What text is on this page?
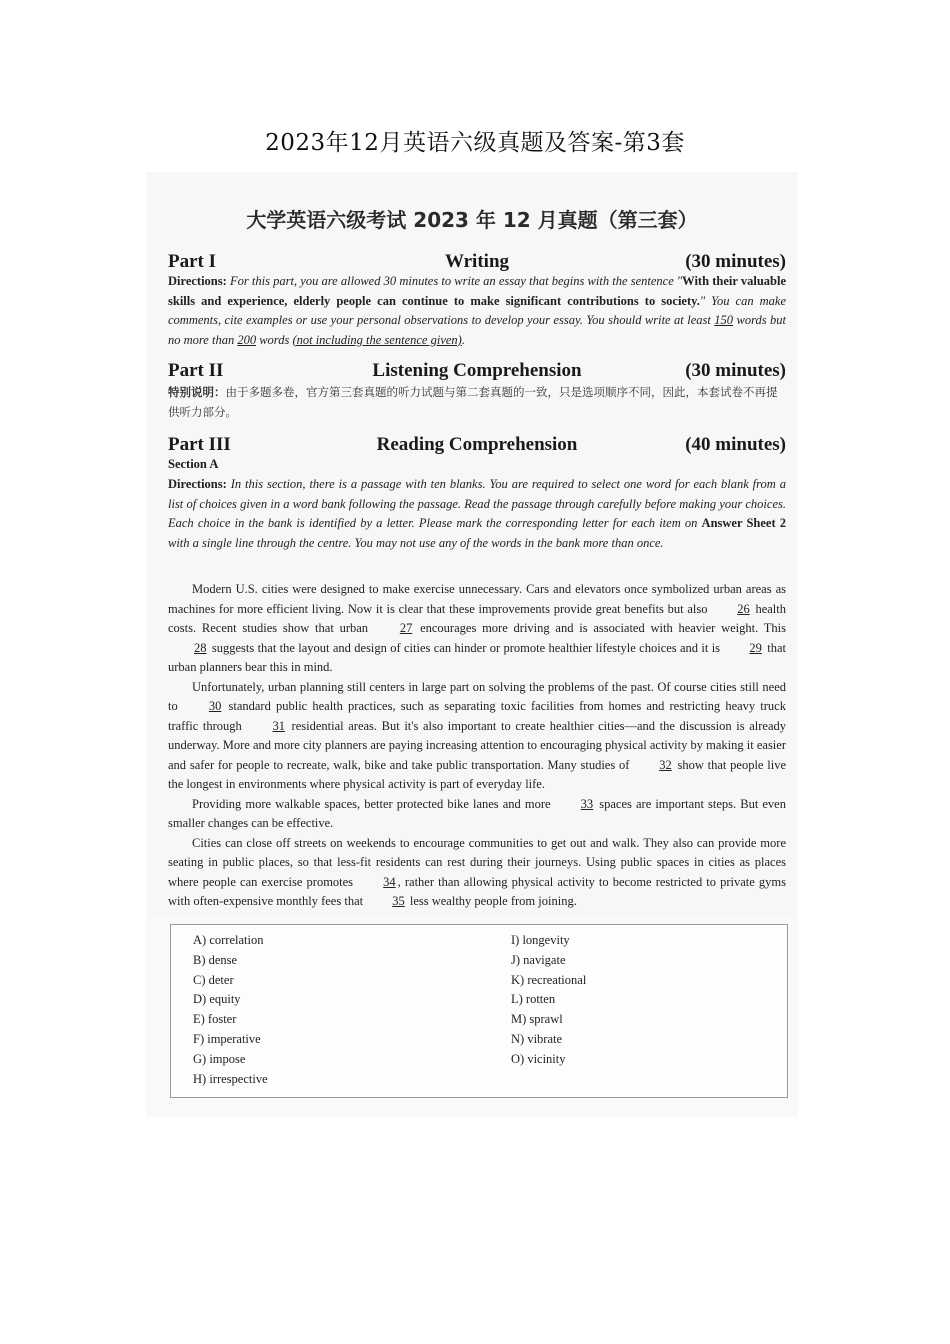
2023年12月英语六级真题及答案-第3套
大学英语六级考试 2023 年 12 月真题（第三套）
Part I	Writing	(30 minutes)
Directions: For this part, you are allowed 30 minutes to write an essay that begins with the sentence "With their valuable skills and experience, elderly people can continue to make significant contributions to society." You can make comments, cite examples or use your personal observations to develop your essay. You should write at least 150 words but no more than 200 words (not including the sentence given).
Part II	Listening Comprehension	(30 minutes)
特别说明：由于多题多卷，官方第三套真题的听力试题与第二套真题的一致，只是选项顺序不同，因此，本套试卷不再提供听力部分。
Part III	Reading Comprehension	(40 minutes)
Section A
Directions: In this section, there is a passage with ten blanks. You are required to select one word for each blank from a list of choices given in a word bank following the passage. Read the passage through carefully before making your choices. Each choice in the bank is identified by a letter. Please mark the corresponding letter for each item on Answer Sheet 2 with a single line through the centre. You may not use any of the words in the bank more than once.

Modern U.S. cities were designed to make exercise unnecessary. Cars and elevators once symbolized urban areas as machines for more efficient living. Now it is clear that these improvements provide great benefits but also 26 health costs. Recent studies show that urban 27 encourages more driving and is associated with heavier weight. This 28 suggests that the layout and design of cities can hinder or promote healthier lifestyle choices and it is 29 that urban planners bear this in mind.

Unfortunately, urban planning still centers in large part on solving the problems of the past. Of course cities still need to 30 standard public health practices, such as separating toxic facilities from homes and restricting heavy truck traffic through 31 residential areas. But it's also important to create healthier cities—and the discussion is already underway. More and more city planners are paying increasing attention to encouraging physical activity by making it easier and safer for people to recreate, walk, bike and take public transportation. Many studies of 32 show that people live the longest in environments where physical activity is part of everyday life.

Providing more walkable spaces, better protected bike lanes and more 33 spaces are important steps. But even smaller changes can be effective.

Cities can close off streets on weekends to encourage communities to get out and walk. They also can provide more seating in public places, so that less-fit residents can rest during their journeys. Using public spaces in cities as places where people can exercise promotes 34 , rather than allowing physical activity to become restricted to private gyms with often-expensive monthly fees that 35 less wealthy people from joining.

A) correlation
B) dense
C) deter
D) equity
E) foster
F) imperative
G) impose
H) irrespective
I) longevity
J) navigate
K) recreational
L) rotten
M) sprawl
N) vibrate
O) vicinity
